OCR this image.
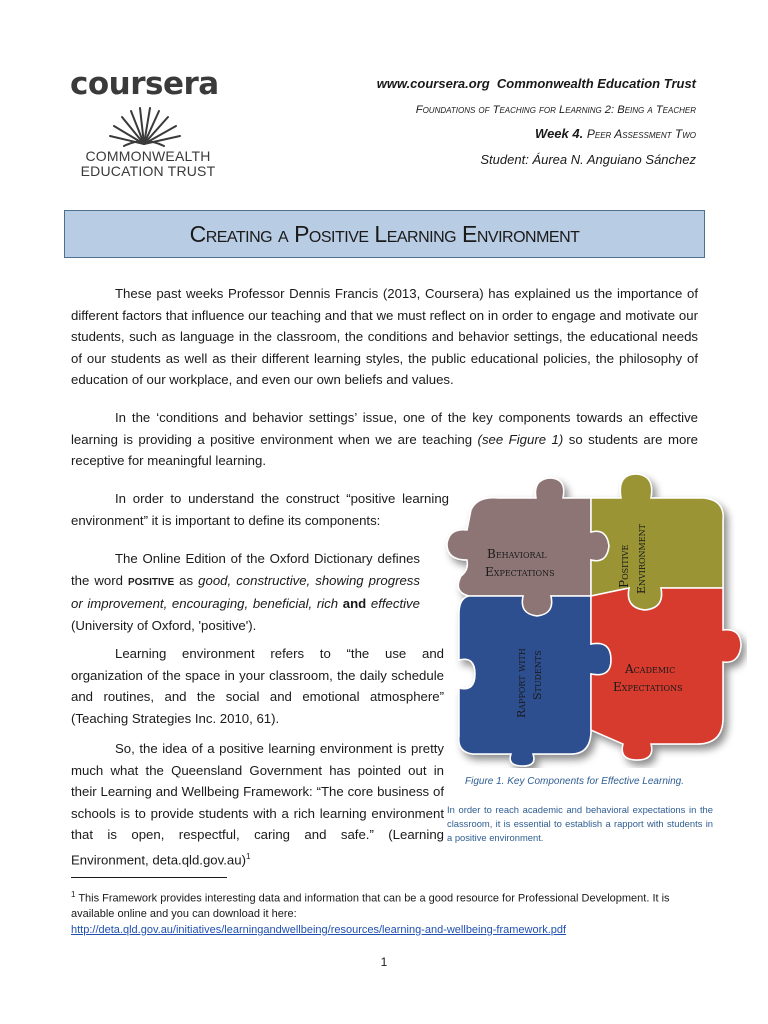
coursera
COMMONWEALTH
EDUCATION TRUST
www.coursera.org Commonwealth Education Trust
Foundations of Teaching for Learning 2: Being a Teacher
Week 4. Peer Assessment Two
Student: Áurea N. Anguiano Sánchez
Creating a Positive Learning Environment
These past weeks Professor Dennis Francis (2013, Coursera) has explained us the importance of different factors that influence our teaching and that we must reflect on in order to engage and motivate our students, such as language in the classroom, the conditions and behavior settings, the educational needs of our students as well as their different learning styles, the public educational policies, the philosophy of education of our workplace, and even our own beliefs and values.
In the ‘conditions and behavior settings’ issue, one of the key components towards an effective learning is providing a positive environment when we are teaching (see Figure 1) so students are more receptive for meaningful learning.
In order to understand the construct “positive learning environment” it is important to define its components:
The Online Edition of the Oxford Dictionary defines the word POSITIVE as good, constructive, showing progress or improvement, encouraging, beneficial, rich and effective (University of Oxford, 'positive').
Learning environment refers to “the use and organization of the space in your classroom, the daily schedule and routines, and the social and emotional atmosphere” (Teaching Strategies Inc. 2010, 61).
So, the idea of a positive learning environment is pretty much what the Queensland Government has pointed out in their Learning and Wellbeing Framework: “The core business of schools is to provide students with a rich learning environment that is open, respectful, caring and safe.” (Learning Environment, deta.qld.gov.au)$^1$
Behavioral
Expectations	Positive Environment
Rapport with Students	Academic
Expectations
Figure 1. Key Components for Effective Learning.
In order to reach academic and behavioral expectations in the classroom, it is essential to establish a rapport with students in a positive environment.
$^1$ This Framework provides interesting data and information that can be a good resource for Professional Development. It is available online and you can download it here:
http://deta.qld.gov.au/initiatives/learningandwellbeing/resources/learning-and-wellbeing-framework.pdf
1
